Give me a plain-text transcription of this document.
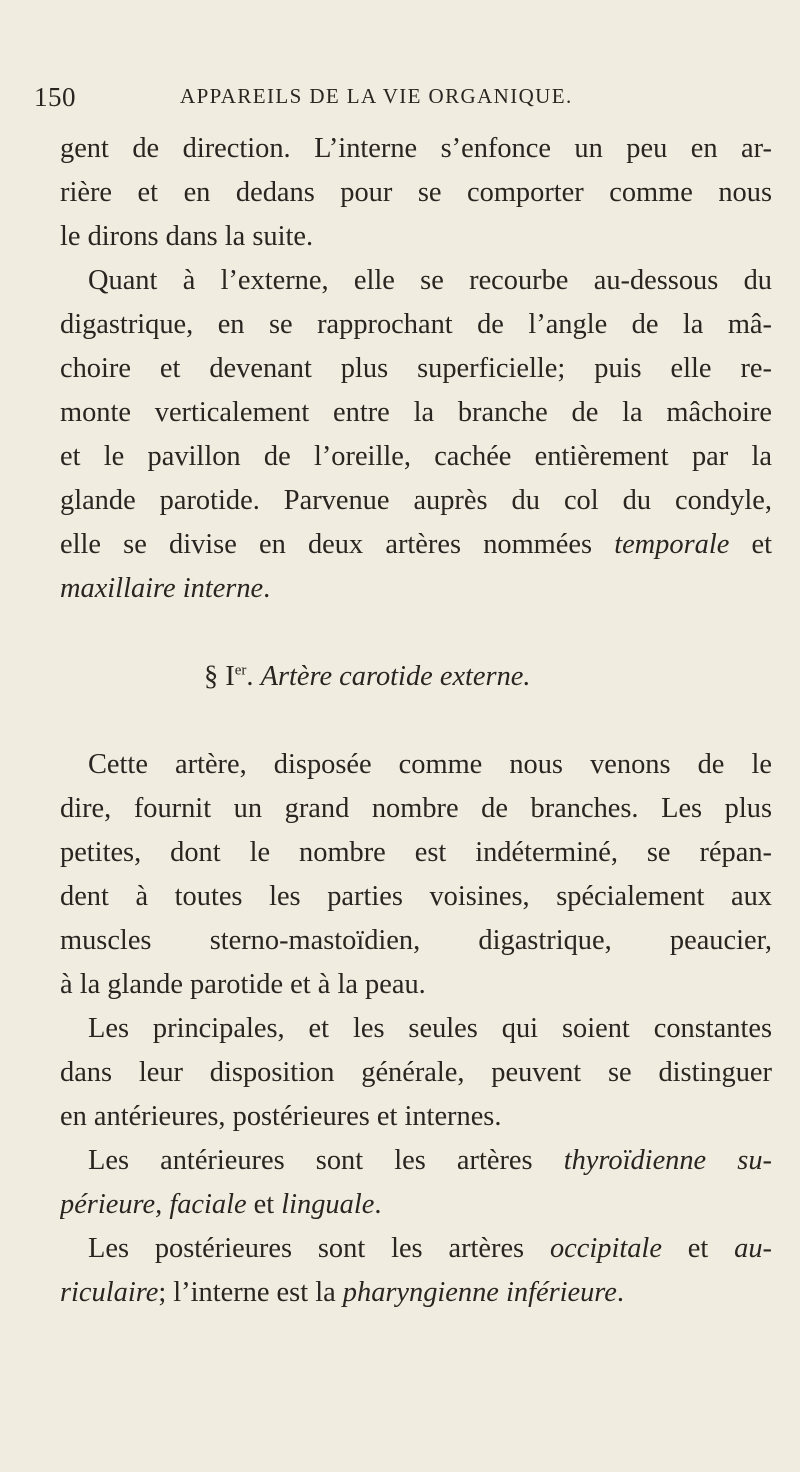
150	APPAREILS DE LA VIE ORGANIQUE.
gent de direction. L’interne s’enfonce un peu en ar-
rière et en dedans pour se comporter comme nous
le dirons dans la suite.
Quant à l’externe, elle se recourbe au-dessous du
digastrique, en se rapprochant de l’angle de la mâ-
choire et devenant plus superficielle; puis elle re-
monte verticalement entre la branche de la mâchoire
et le pavillon de l’oreille, cachée entièrement par la
glande parotide. Parvenue auprès du col du condyle,
elle se divise en deux artères nommées temporale et
maxillaire interne.
§ Ier. Artère carotide externe.
Cette artère, disposée comme nous venons de le
dire, fournit un grand nombre de branches. Les plus
petites, dont le nombre est indéterminé, se répan-
dent à toutes les parties voisines, spécialement aux
muscles sterno-mastoïdien, digastrique, peaucier,
à la glande parotide et à la peau.
Les principales, et les seules qui soient constantes
dans leur disposition générale, peuvent se distinguer
en antérieures, postérieures et internes.
Les antérieures sont les artères thyroïdienne su-
périeure, faciale et linguale.
Les postérieures sont les artères occipitale et au-
riculaire; l’interne est la pharyngienne inférieure.
